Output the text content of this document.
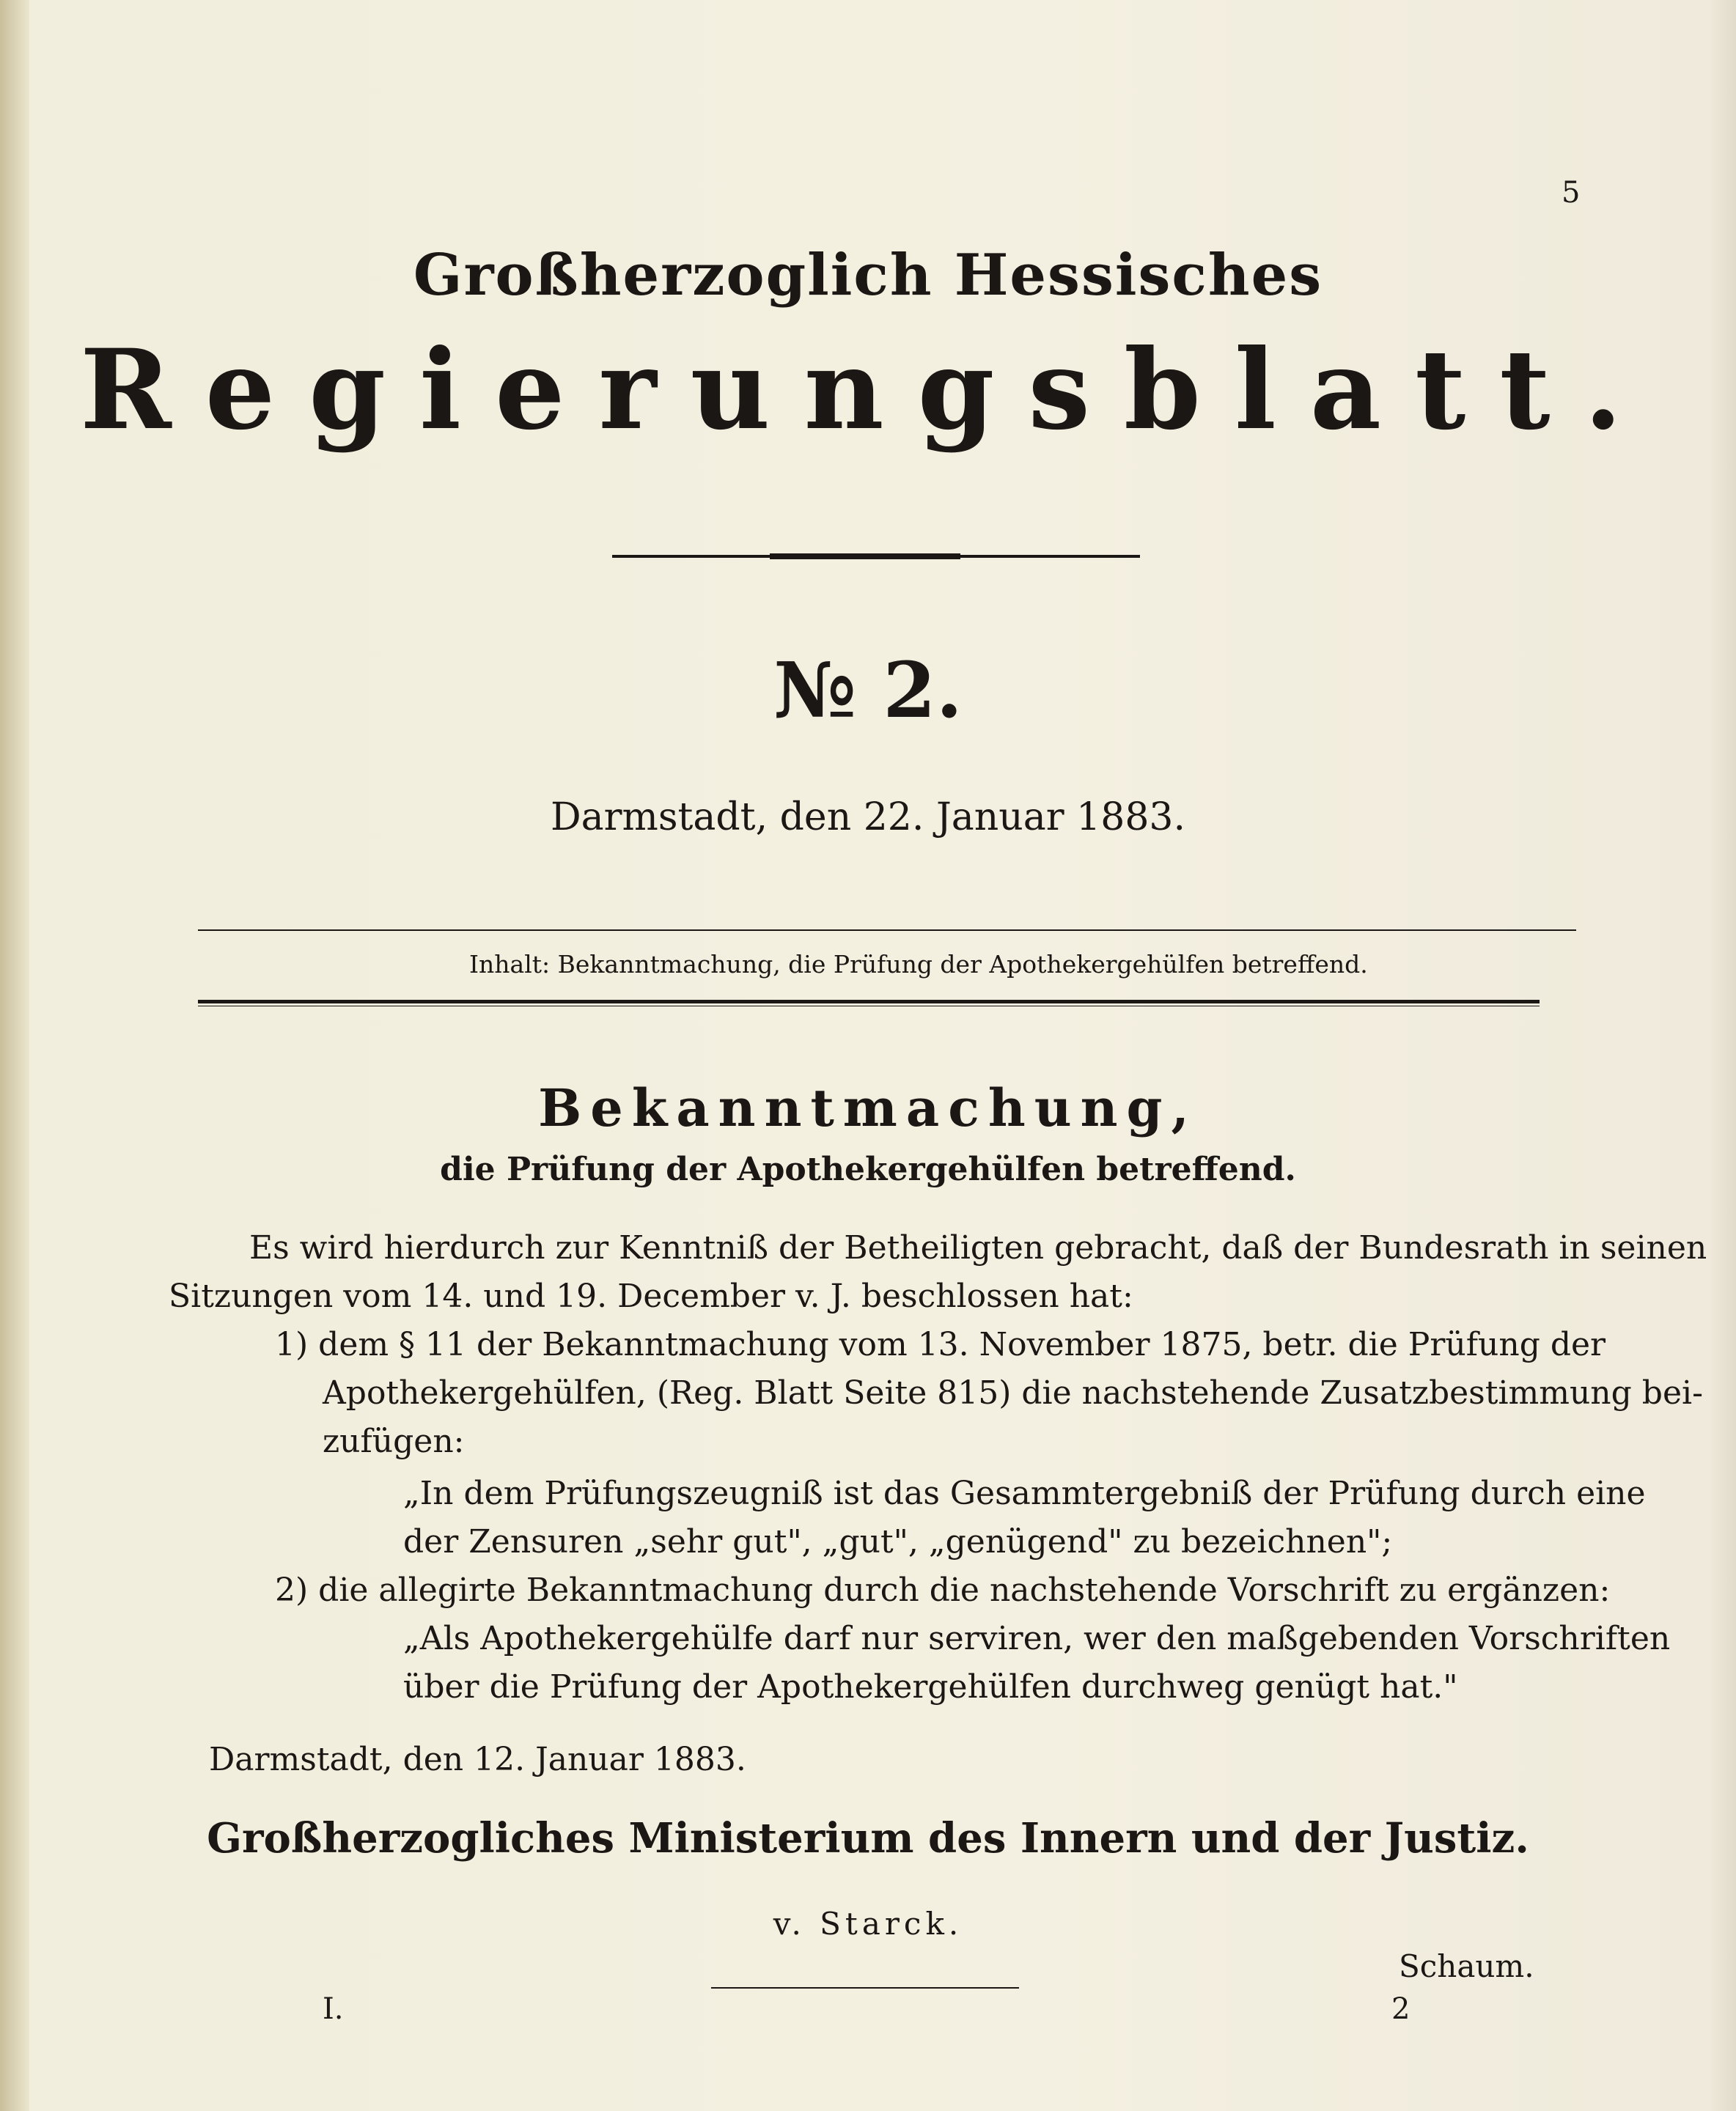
5
Großherzoglich Hessisches
Regierungsblatt.
№ 2.
Darmstadt, den 22. Januar 1883.
Inhalt: Bekanntmachung, die Prüfung der Apothekergehülfen betreffend.
Bekanntmachung,
die Prüfung der Apothekergehülfen betreffend.
Es wird hierdurch zur Kenntniß der Betheiligten gebracht, daß der Bundesrath in seinen
Sitzungen vom 14. und 19. December v. J. beschlossen hat:
1) dem § 11 der Bekanntmachung vom 13. November 1875, betr. die Prüfung der
Apothekergehülfen, (Reg. Blatt Seite 815) die nachstehende Zusatzbestimmung bei-
zufügen:
„In dem Prüfungszeugniß ist das Gesammtergebniß der Prüfung durch eine
der Zensuren „sehr gut", „gut", „genügend" zu bezeichnen";
2) die allegirte Bekanntmachung durch die nachstehende Vorschrift zu ergänzen:
„Als Apothekergehülfe darf nur serviren, wer den maßgebenden Vorschriften
über die Prüfung der Apothekergehülfen durchweg genügt hat."
Darmstadt, den 12. Januar 1883.
Großherzogliches Ministerium des Innern und der Justiz.
v. Starck.
Schaum.
I.	2
